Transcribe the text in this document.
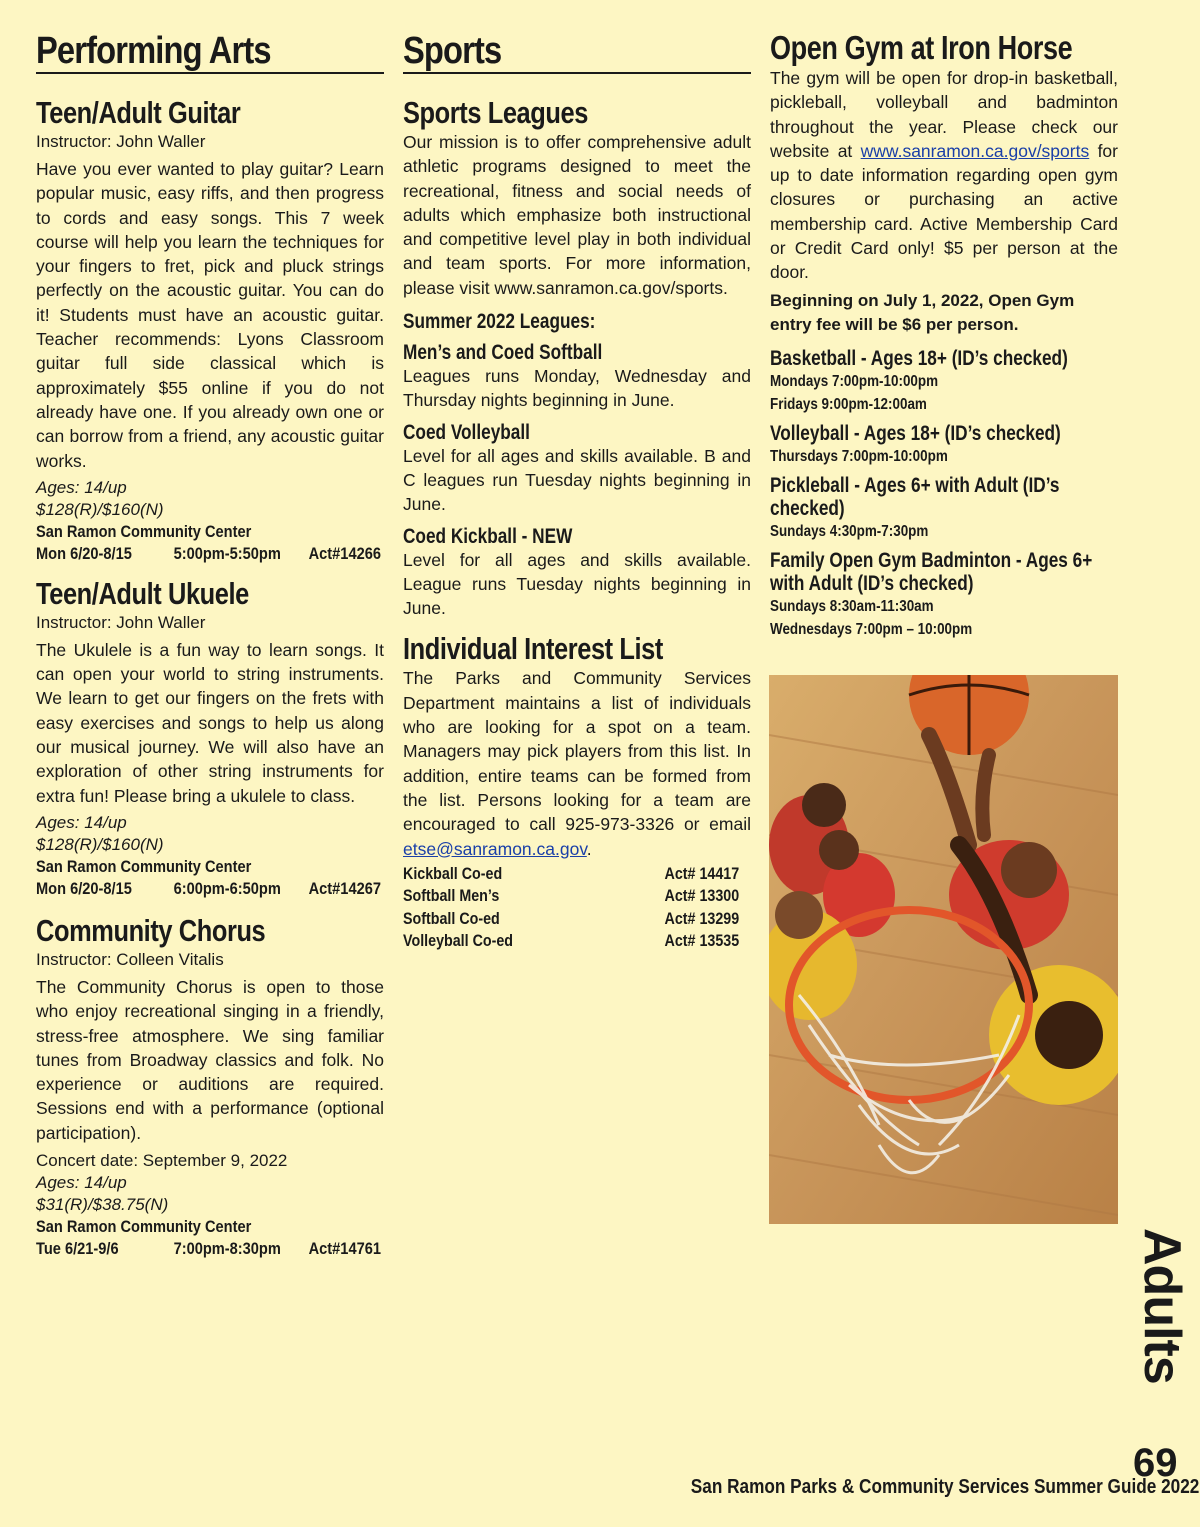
Performing Arts
Teen/Adult Guitar

Instructor: John Waller

Have you ever wanted to play guitar? Learn popular music, easy riffs, and then progress to cords and easy songs. This 7 week course will help you learn the techniques for your fingers to fret, pick and pluck strings perfectly on the acoustic guitar. You can do it! Students must have an acoustic guitar. Teacher recommends: Lyons Classroom guitar full side classical which is approximately $55 online if you do not already have one. If you already own one or can borrow from a friend, any acoustic guitar works.

Ages: 14/up

$128(R)/$160(N)

San Ramon Community Center

Mon 6/20-8/15	5:00pm-5:50pm	Act#14266
Teen/Adult Ukuele

Instructor: John Waller

The Ukulele is a fun way to learn songs. It can open your world to string instruments. We learn to get our fingers on the frets with easy exercises and songs to help us along our musical journey. We will also have an exploration of other string instruments for extra fun! Please bring a ukulele to class.

Ages: 14/up

$128(R)/$160(N)

San Ramon Community Center

Mon 6/20-8/15	6:00pm-6:50pm	Act#14267
Community Chorus

Instructor: Colleen Vitalis

The Community Chorus is open to those who enjoy recreational singing in a friendly, stress-free atmosphere. We sing familiar tunes from Broadway classics and folk. No experience or auditions are required. Sessions end with a performance (optional participation).

Concert date: September 9, 2022

Ages: 14/up

$31(R)/$38.75(N)

San Ramon Community Center

Tue 6/21-9/6	7:00pm-8:30pm	Act#14761
Sports
Sports Leagues

Our mission is to offer comprehensive adult athletic programs designed to meet the recreational, fitness and social needs of adults which emphasize both instructional and competitive level play in both individual and team sports. For more information, please visit www.sanramon.ca.gov/sports.

Summer 2022 Leagues:

Men’s and Coed Softball

Leagues runs Monday, Wednesday and Thursday nights beginning in June.

Coed Volleyball

Level for all ages and skills available. B and C leagues run Tuesday nights beginning in June.

Coed Kickball - NEW

Level for all ages and skills available. League runs Tuesday nights beginning in June.

Individual Interest List

The Parks and Community Services Department maintains a list of individuals who are looking for a spot on a team. Managers may pick players from this list. In addition, entire teams can be formed from the list. Persons looking for a team are encouraged to call 925-973-3326 or email etse@sanramon.ca.gov.

Kickball Co-ed	Act# 14417
Softball Men’s	Act# 13300
Softball Co-ed	Act# 13299
Volleyball Co-ed	Act# 13535
Open Gym at Iron Horse

The gym will be open for drop-in basketball, pickleball, volleyball and badminton throughout the year. Please check our website at www.sanramon.ca.gov/sports for up to date information regarding open gym closures or purchasing an active membership card. Active Membership Card or Credit Card only! $5 per person at the door.

Beginning on July 1, 2022, Open Gym entry fee will be $6 per person.

Basketball - Ages 18+ (ID’s checked)

Mondays 7:00pm-10:00pm

Fridays 9:00pm-12:00am

Volleyball - Ages 18+ (ID’s checked)

Thursdays 7:00pm-10:00pm

Pickleball - Ages 6+ with Adult (ID’s checked)

Sundays 4:30pm-7:30pm

Family Open Gym Badminton - Ages 6+ with Adult (ID’s checked)

Sundays 8:30am-11:30am

Wednesdays 7:00pm – 10:00pm

Adults
69
San Ramon Parks & Community Services Summer Guide 2022
